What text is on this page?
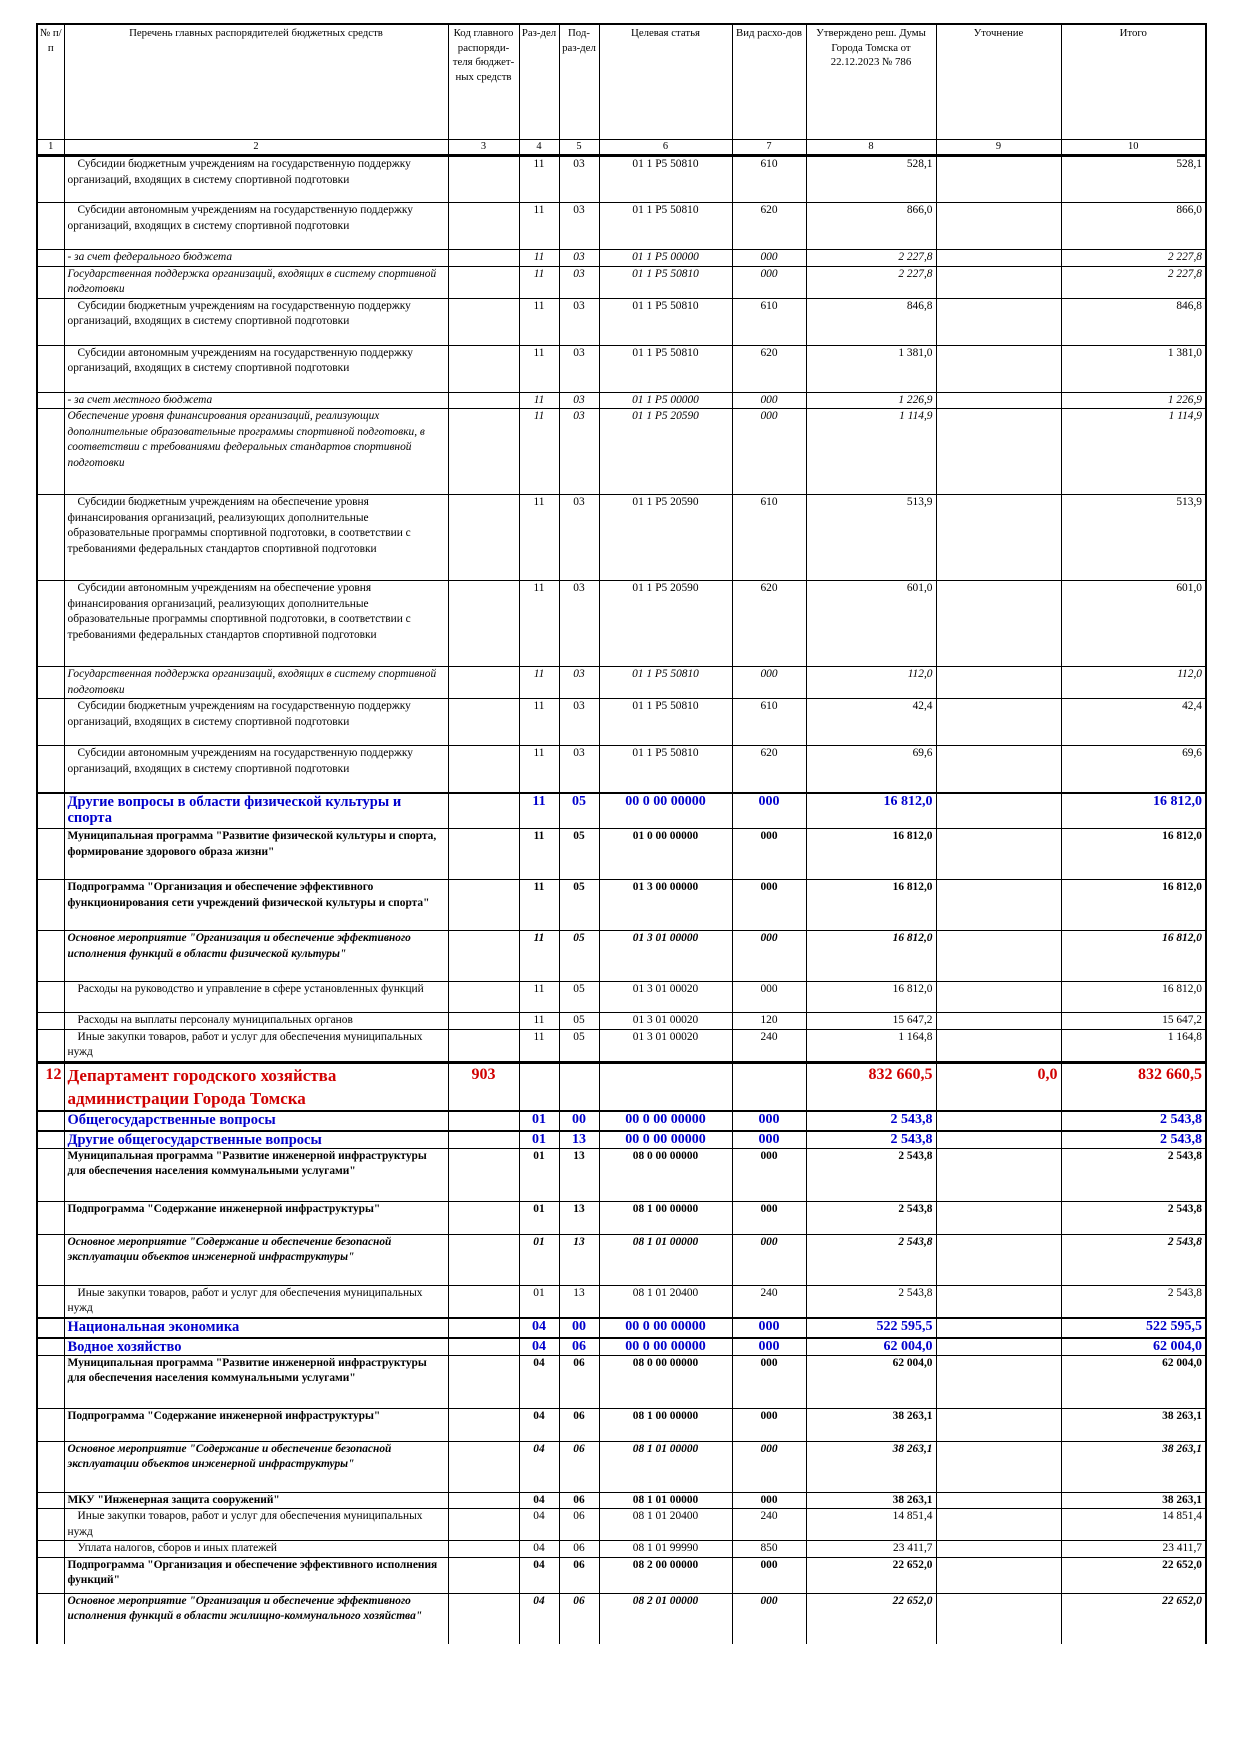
№ п/п	Перечень главных распорядителей бюджетных средств	Код главного распоряди-теля бюджет-ных средств	Раз-дел	Под-раз-дел	Целевая статья	Вид расхо-дов	Утверждено реш. Думы Города Томска от 22.12.2023 № 786	Уточнение	Итого
1	2	3	4	5	6	7	8	9	10
	Субсидии бюджетным учреждениям на государственную поддержку организаций, входящих в систему спортивной подготовки		11	03	01 1 P5 50810	610	528,1		528,1
	Субсидии автономным учреждениям на государственную поддержку организаций, входящих в систему спортивной подготовки		11	03	01 1 P5 50810	620	866,0		866,0
	- за счет федерального бюджета		11	03	01 1 P5 00000	000	2 227,8		2 227,8
	Государственная поддержка организаций, входящих в систему спортивной подготовки		11	03	01 1 P5 50810	000	2 227,8		2 227,8
	Субсидии бюджетным учреждениям на государственную поддержку организаций, входящих в систему спортивной подготовки		11	03	01 1 P5 50810	610	846,8		846,8
	Субсидии автономным учреждениям на государственную поддержку организаций, входящих в систему спортивной подготовки		11	03	01 1 P5 50810	620	1 381,0		1 381,0
	- за счет местного бюджета		11	03	01 1 P5 00000	000	1 226,9		1 226,9
	Обеспечение уровня финансирования организаций, реализующих дополнительные образовательные программы спортивной подготовки, в соответствии с требованиями федеральных стандартов спортивной подготовки		11	03	01 1 P5 20590	000	1 114,9		1 114,9
	Субсидии бюджетным учреждениям на обеспечение уровня финансирования организаций, реализующих дополнительные образовательные программы спортивной подготовки, в соответствии с требованиями федеральных стандартов спортивной подготовки		11	03	01 1 P5 20590	610	513,9		513,9
	Субсидии автономным учреждениям на обеспечение уровня финансирования организаций, реализующих дополнительные образовательные программы спортивной подготовки, в соответствии с требованиями федеральных стандартов спортивной подготовки		11	03	01 1 P5 20590	620	601,0		601,0
	Государственная поддержка организаций, входящих в систему спортивной подготовки		11	03	01 1 P5 50810	000	112,0		112,0
	Субсидии бюджетным учреждениям на государственную поддержку организаций, входящих в систему спортивной подготовки		11	03	01 1 P5 50810	610	42,4		42,4
	Субсидии автономным учреждениям на государственную поддержку организаций, входящих в систему спортивной подготовки		11	03	01 1 P5 50810	620	69,6		69,6
	Другие вопросы в области физической культуры и спорта		11	05	00 0 00 00000	000	16 812,0		16 812,0
	Муниципальная программа "Развитие физической культуры и спорта, формирование здорового образа жизни"		11	05	01 0 00 00000	000	16 812,0		16 812,0
	Подпрограмма "Организация и обеспечение эффективного функционирования сети учреждений физической культуры и спорта"		11	05	01 3 00 00000	000	16 812,0		16 812,0
	Основное мероприятие "Организация и обеспечение эффективного исполнения функций в области физической культуры"		11	05	01 3 01 00000	000	16 812,0		16 812,0
	Расходы на руководство и управление в сфере установленных функций		11	05	01 3 01 00020	000	16 812,0		16 812,0
	Расходы на выплаты персоналу муниципальных органов		11	05	01 3 01 00020	120	15 647,2		15 647,2
	Иные закупки товаров, работ и услуг для обеспечения муниципальных нужд		11	05	01 3 01 00020	240	1 164,8		1 164,8
12	Департамент городского хозяйства администрации Города Томска	903					832 660,5	0,0	832 660,5
	Общегосударственные вопросы		01	00	00 0 00 00000	000	2 543,8		2 543,8
	Другие общегосударственные вопросы		01	13	00 0 00 00000	000	2 543,8		2 543,8
	Муниципальная программа "Развитие инженерной инфраструктуры для обеспечения населения коммунальными услугами"		01	13	08 0 00 00000	000	2 543,8		2 543,8
	Подпрограмма "Содержание инженерной инфраструктуры"		01	13	08 1 00 00000	000	2 543,8		2 543,8
	Основное мероприятие "Содержание и обеспечение безопасной эксплуатации объектов инженерной инфраструктуры"		01	13	08 1 01 00000	000	2 543,8		2 543,8
	Иные закупки товаров, работ и услуг для обеспечения муниципальных нужд		01	13	08 1 01 20400	240	2 543,8		2 543,8
	Национальная экономика		04	00	00 0 00 00000	000	522 595,5		522 595,5
	Водное хозяйство		04	06	00 0 00 00000	000	62 004,0		62 004,0
	Муниципальная программа "Развитие инженерной инфраструктуры для обеспечения населения коммунальными услугами"		04	06	08 0 00 00000	000	62 004,0		62 004,0
	Подпрограмма "Содержание инженерной инфраструктуры"		04	06	08 1 00 00000	000	38 263,1		38 263,1
	Основное мероприятие "Содержание и обеспечение безопасной эксплуатации объектов инженерной инфраструктуры"		04	06	08 1 01 00000	000	38 263,1		38 263,1
	МКУ "Инженерная защита сооружений"		04	06	08 1 01 00000	000	38 263,1		38 263,1
	Иные закупки товаров, работ и услуг для обеспечения муниципальных нужд		04	06	08 1 01 20400	240	14 851,4		14 851,4
	Уплата налогов, сборов и иных платежей		04	06	08 1 01 99990	850	23 411,7		23 411,7
	Подпрограмма "Организация и обеспечение эффективного исполнения функций"		04	06	08 2 00 00000	000	22 652,0		22 652,0
	Основное мероприятие "Организация и обеспечение эффективного исполнения функций в области жилищно-коммунального хозяйства"		04	06	08 2 01 00000	000	22 652,0		22 652,0
